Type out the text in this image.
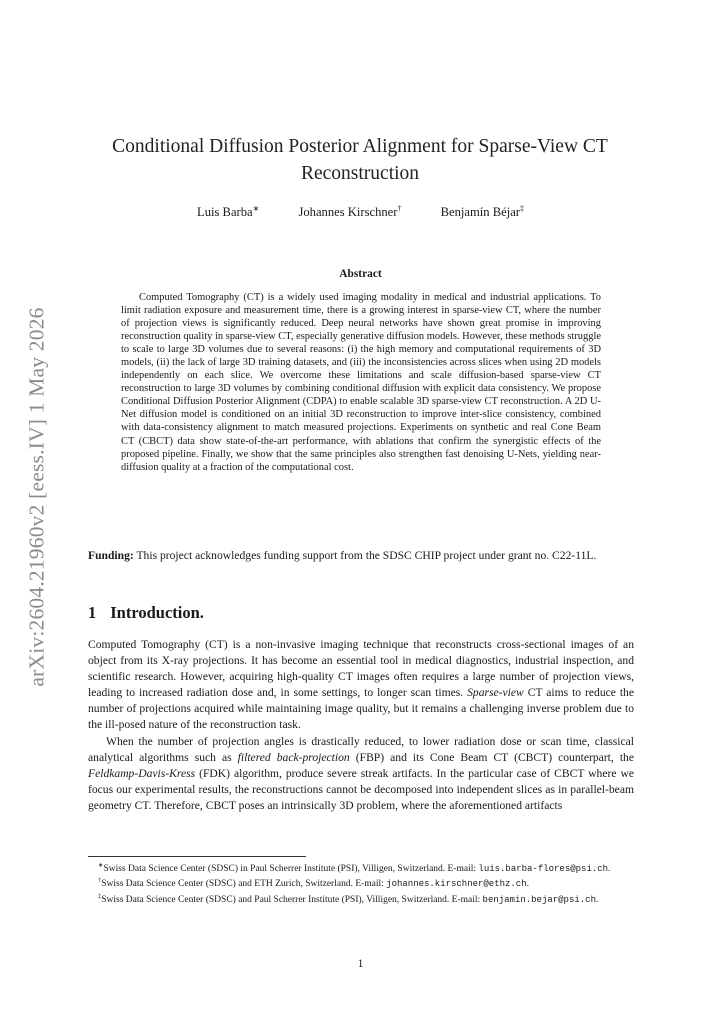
arXiv:2604.21960v2 [eess.IV] 1 May 2026
Conditional Diffusion Posterior Alignment for Sparse-View CT
Reconstruction
Luis Barba∗	Johannes Kirschner†	Benjamín Béjar‡
Abstract
Computed Tomography (CT) is a widely used imaging modality in medical and industrial applications. To limit radiation exposure and measurement time, there is a growing interest in sparse-view CT, where the number of projection views is significantly reduced. Deep neural networks have shown great promise in improving reconstruction quality in sparse-view CT, especially generative diffusion models. However, these methods struggle to scale to large 3D volumes due to several reasons: (i) the high memory and computational requirements of 3D models, (ii) the lack of large 3D training datasets, and (iii) the inconsistencies across slices when using 2D models independently on each slice. We overcome these limitations and scale diffusion-based sparse-view CT reconstruction to large 3D volumes by combining conditional diffusion with explicit data consistency. We propose Conditional Diffusion Posterior Alignment (CDPA) to enable scalable 3D sparse-view CT reconstruction. A 2D U-Net diffusion model is conditioned on an initial 3D reconstruction to improve inter-slice consistency, combined with data-consistency alignment to match measured projections. Experiments on synthetic and real Cone Beam CT (CBCT) data show state-of-the-art performance, with ablations that confirm the synergistic effects of the proposed pipeline. Finally, we show that the same principles also strengthen fast denoising U-Nets, yielding near-diffusion quality at a fraction of the computational cost.
Funding: This project acknowledges funding support from the SDSC CHIP project under grant no. C22-11L.
1 Introduction.

Computed Tomography (CT) is a non-invasive imaging technique that reconstructs cross-sectional images of an object from its X-ray projections. It has become an essential tool in medical diagnostics, industrial inspection, and scientific research. However, acquiring high-quality CT images often requires a large number of projection views, leading to increased radiation dose and, in some settings, to longer scan times. Sparse-view CT aims to reduce the number of projections acquired while maintaining image quality, but it remains a challenging inverse problem due to the ill-posed nature of the reconstruction task.

When the number of projection angles is drastically reduced, to lower radiation dose or scan time, classical analytical algorithms such as filtered back-projection (FBP) and its Cone Beam CT (CBCT) counterpart, the Feldkamp-Davis-Kress (FDK) algorithm, produce severe streak artifacts. In the particular case of CBCT where we focus our experimental results, the reconstructions cannot be decomposed into independent slices as in parallel-beam geometry CT. Therefore, CBCT poses an intrinsically 3D problem, where the aforementioned artifacts

∗Swiss Data Science Center (SDSC) in Paul Scherrer Institute (PSI), Villigen, Switzerland. E-mail: luis.barba-flores@psi.ch.

†Swiss Data Science Center (SDSC) and ETH Zurich, Switzerland. E-mail: johannes.kirschner@ethz.ch.

‡Swiss Data Science Center (SDSC) and Paul Scherrer Institute (PSI), Villigen, Switzerland. E-mail: benjamin.bejar@psi.ch.

1
